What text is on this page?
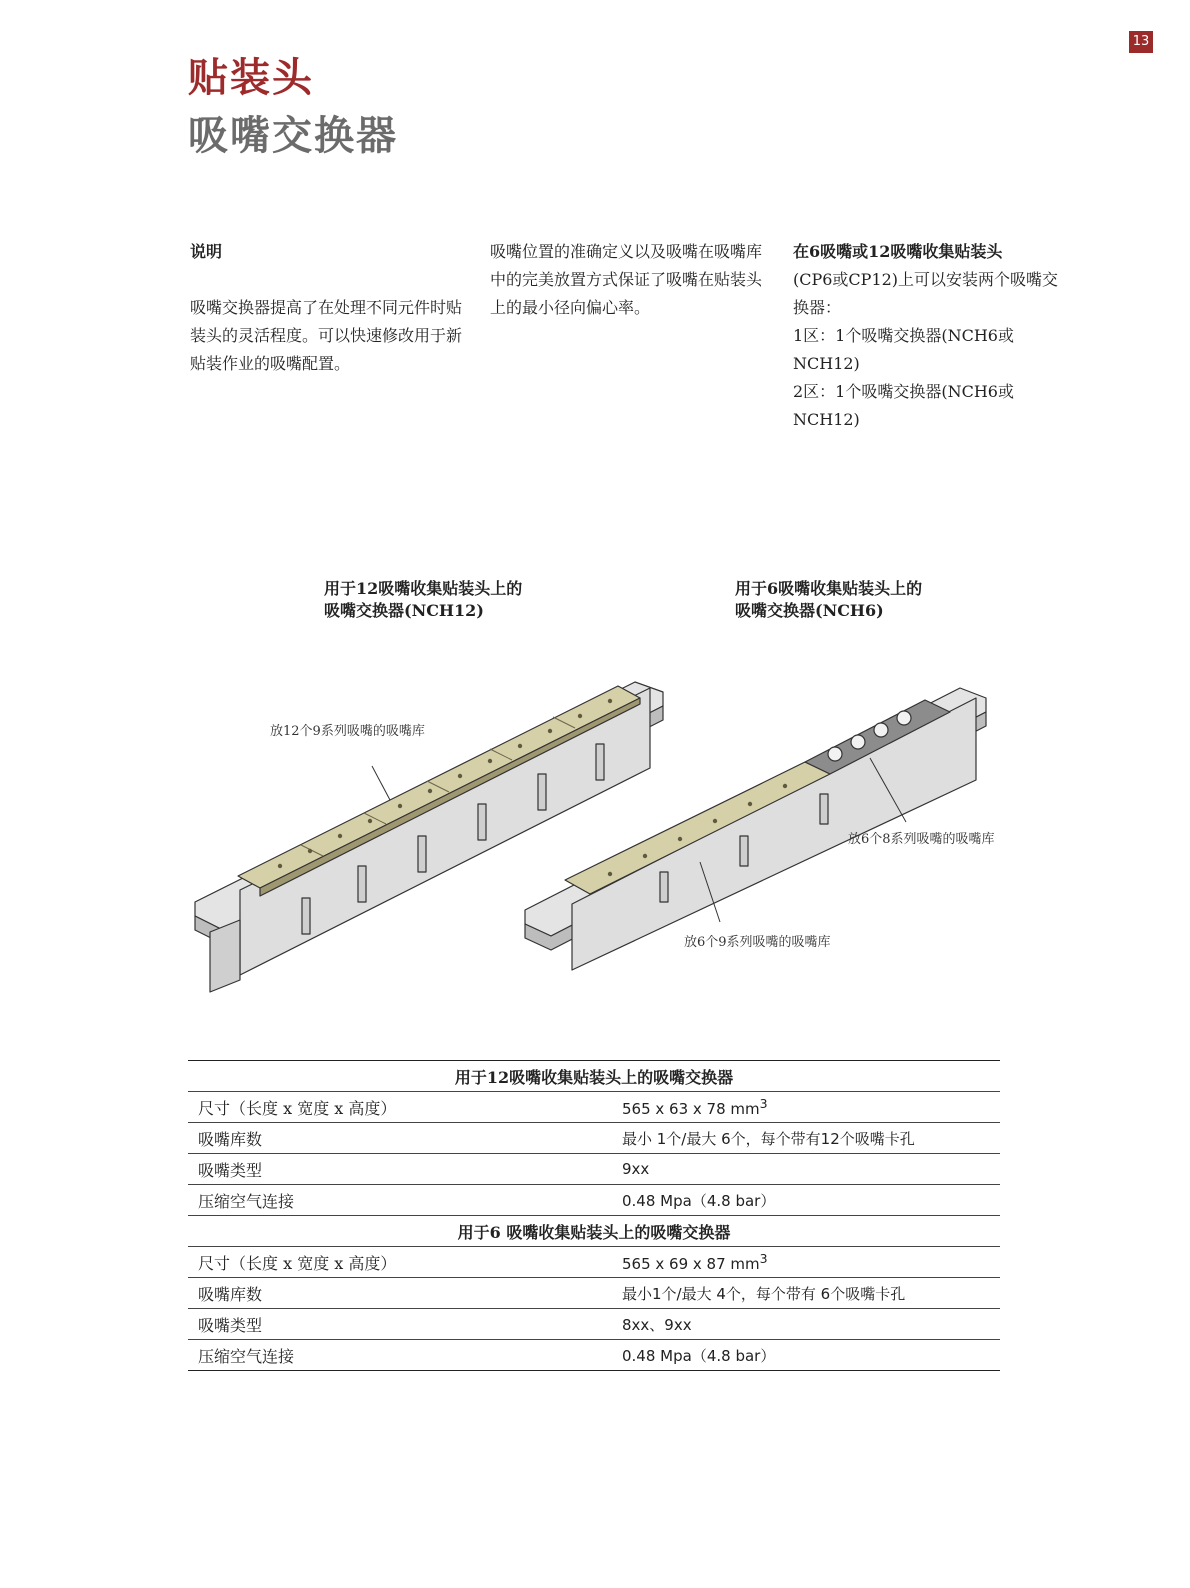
13
贴装头
吸嘴交换器

说明

吸嘴交换器提高了在处理不同元件时贴装头的灵活程度。可以快速修改用于新贴装作业的吸嘴配置。

吸嘴位置的准确定义以及吸嘴在吸嘴库中的完美放置方式保证了吸嘴在贴装头上的最小径向偏心率。

在6吸嘴或12吸嘴收集贴装头

(CP6或CP12)上可以安装两个吸嘴交换器：

1区：1个吸嘴交换器(NCH6或NCH12)

2区：1个吸嘴交换器(NCH6或NCH12)

用于12吸嘴收集贴装头上的
吸嘴交换器(NCH12)
用于6吸嘴收集贴装头上的
吸嘴交换器(NCH6)
放12个9系列吸嘴的吸嘴库
放6个8系列吸嘴的吸嘴库
放6个9系列吸嘴的吸嘴库
用于12吸嘴收集贴装头上的吸嘴交换器	
尺寸（长度 x 宽度 x 高度）	565 x 63 x 78 $mm^3$
吸嘴库数	最小 1个/最大 6个，每个带有12个吸嘴卡孔
吸嘴类型	9xx
压缩空气连接	0.48 Mpa（4.8 bar）
用于6 吸嘴收集贴装头上的吸嘴交换器	
尺寸（长度 x 宽度 x 高度）	565 x 69 x 87 $mm^3$
吸嘴库数	最小1个/最大 4个，每个带有 6个吸嘴卡孔
吸嘴类型	8xx、9xx
压缩空气连接	0.48 Mpa（4.8 bar）
